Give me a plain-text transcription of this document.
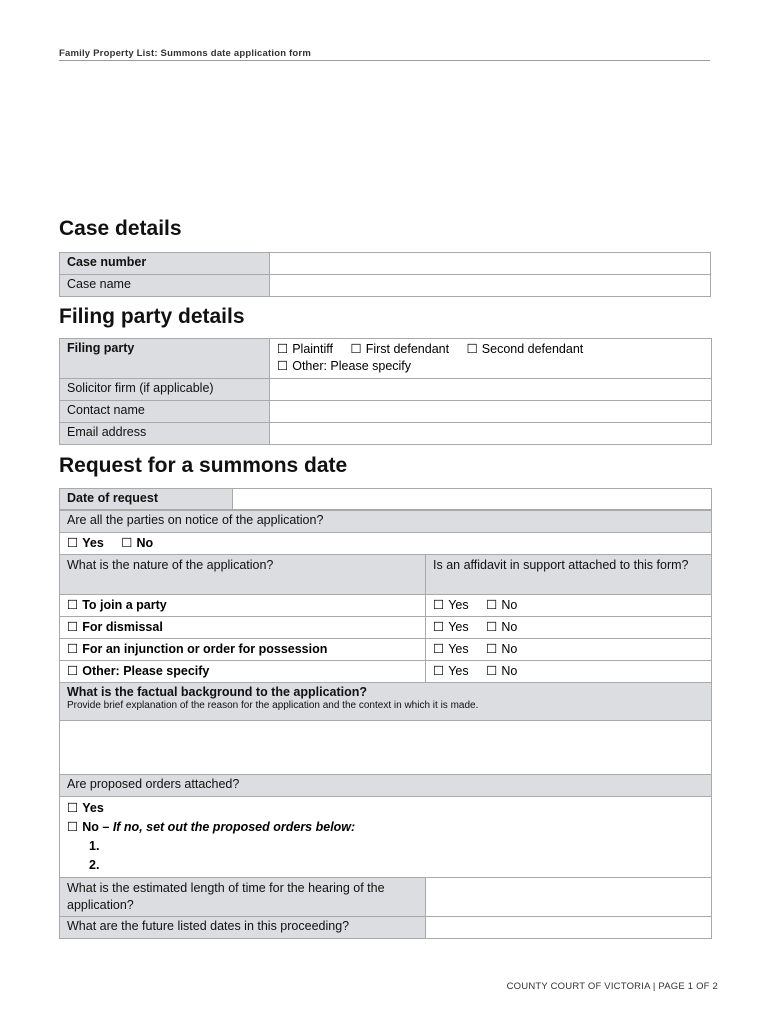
Family Property List: Summons date application form
Case details
Case number	
Case name	
Filing party details
Filing party	☐ Plaintiff ☐ First defendant ☐ Second defendant
☐ Other: Please specify
Solicitor firm (if applicable)	
Contact name	
Email address	
Request for a summons date
Date of request	
Are all the parties on notice of the application?	
☐ Yes ☐ No	
What is the nature of the application?	Is an affidavit in support attached to this form?
☐ To join a party	☐ Yes ☐ No
☐ For dismissal	☐ Yes ☐ No
☐ For an injunction or order for possession	☐ Yes ☐ No
☐ Other: Please specify	☐ Yes ☐ No
What is the factual background to the application?
Provide brief explanation of the reason for the application and the context in which it is made.	

Are proposed orders attached?	

☐ Yes
☐ No – If no, set out the proposed orders below:
1.
2.	

What is the estimated length of time for the hearing of the application?	
What are the future listed dates in this proceeding?	
COUNTY COURT OF VICTORIA | PAGE 1 OF 2
